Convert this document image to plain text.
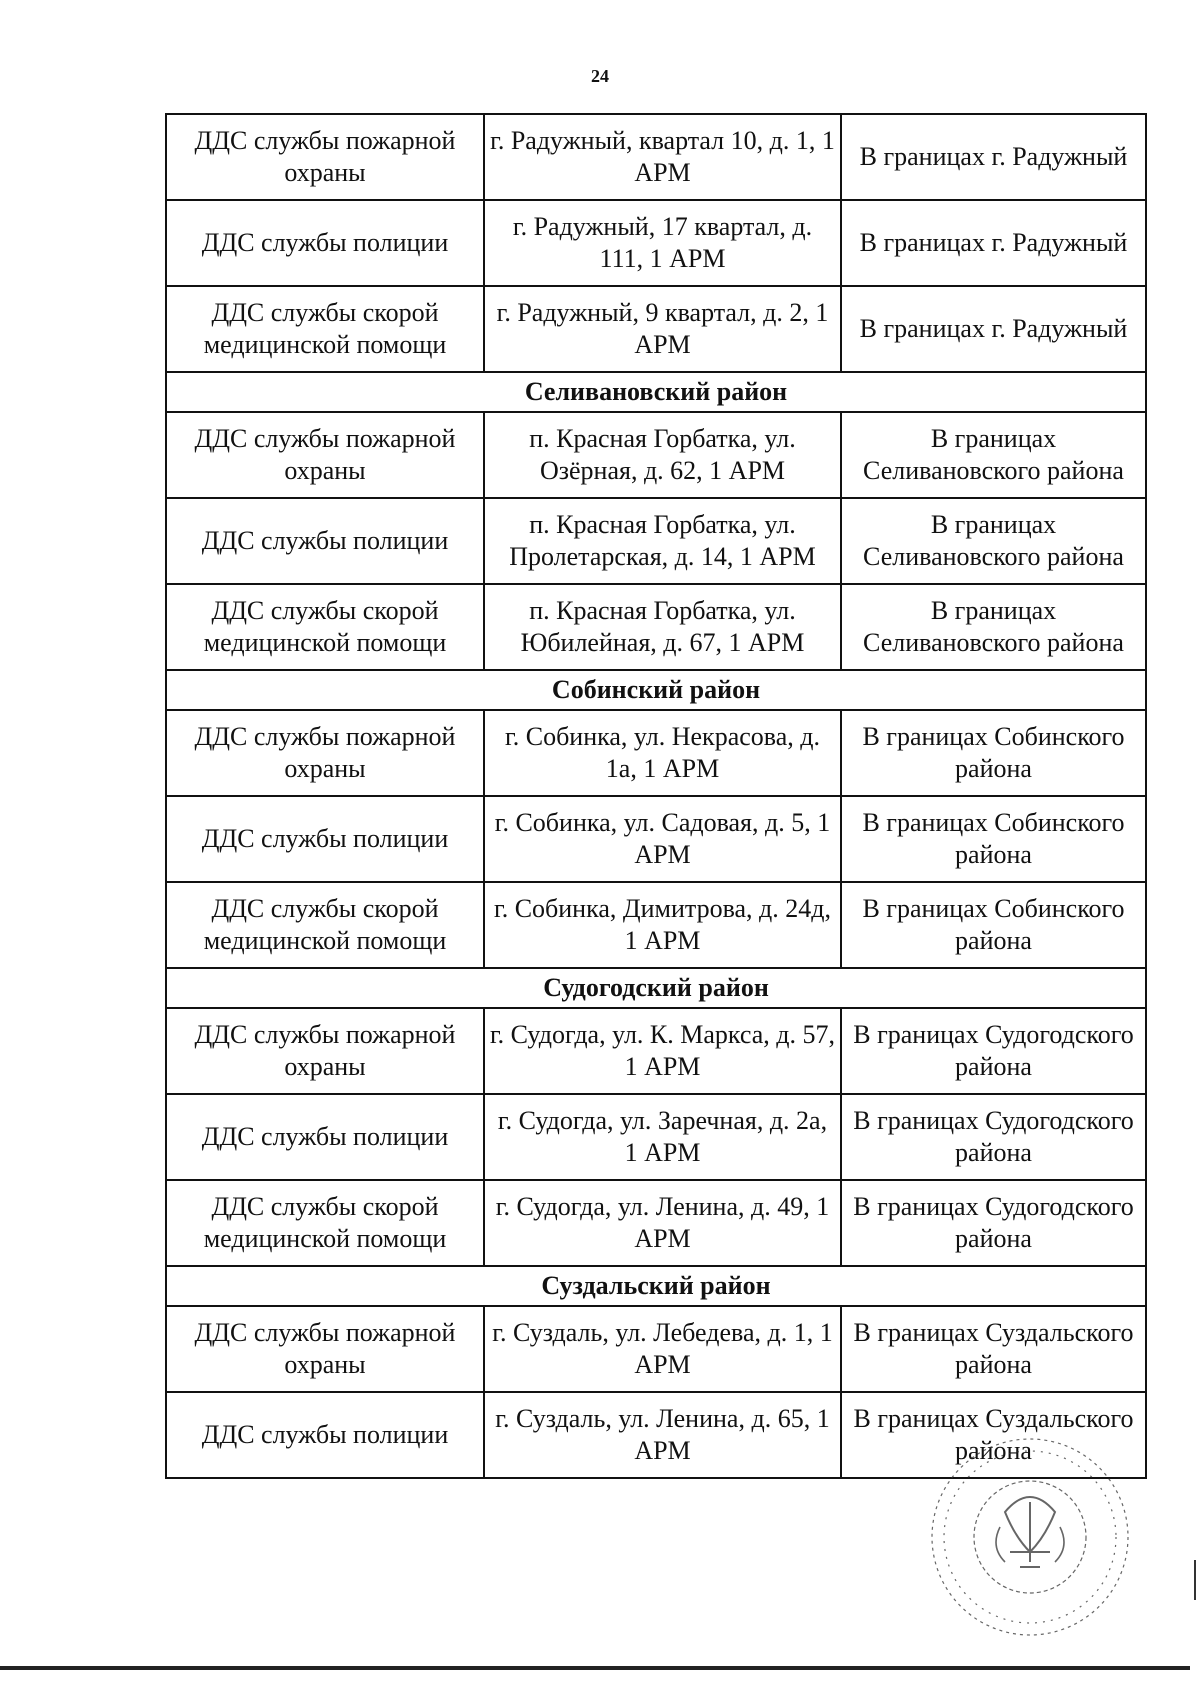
24
ДДС службы пожарной охраны	г. Радужный, квартал 10, д. 1, 1 АРМ	В границах г. Радужный
ДДС службы полиции	г. Радужный, 17 квартал, д. 111, 1 АРМ	В границах г. Радужный
ДДС службы скорой медицинской помощи	г. Радужный, 9 квартал, д. 2, 1 АРМ	В границах г. Радужный
Селивановский район		
ДДС службы пожарной охраны	п. Красная Горбатка, ул. Озёрная, д. 62, 1 АРМ	В границах Селивановского района
ДДС службы полиции	п. Красная Горбатка, ул. Пролетарская, д. 14, 1 АРМ	В границах Селивановского района
ДДС службы скорой медицинской помощи	п. Красная Горбатка, ул. Юбилейная, д. 67, 1 АРМ	В границах Селивановского района
Собинский район		
ДДС службы пожарной охраны	г. Собинка, ул. Некрасова, д. 1а, 1 АРМ	В границах Собинского района
ДДС службы полиции	г. Собинка, ул. Садовая, д. 5, 1 АРМ	В границах Собинского района
ДДС службы скорой медицинской помощи	г. Собинка, Димитрова, д. 24д, 1 АРМ	В границах Собинского района
Судогодский район		
ДДС службы пожарной охраны	г. Судогда, ул. К. Маркса, д. 57, 1 АРМ	В границах Судогодского района
ДДС службы полиции	г. Судогда, ул. Заречная, д. 2а, 1 АРМ	В границах Судогодского района
ДДС службы скорой медицинской помощи	г. Судогда, ул. Ленина, д. 49, 1 АРМ	В границах Судогодского района
Суздальский район		
ДДС службы пожарной охраны	г. Суздаль, ул. Лебедева, д. 1, 1 АРМ	В границах Суздальского района
ДДС службы полиции	г. Суздаль, ул. Ленина, д. 65, 1 АРМ	В границах Суздальского района
